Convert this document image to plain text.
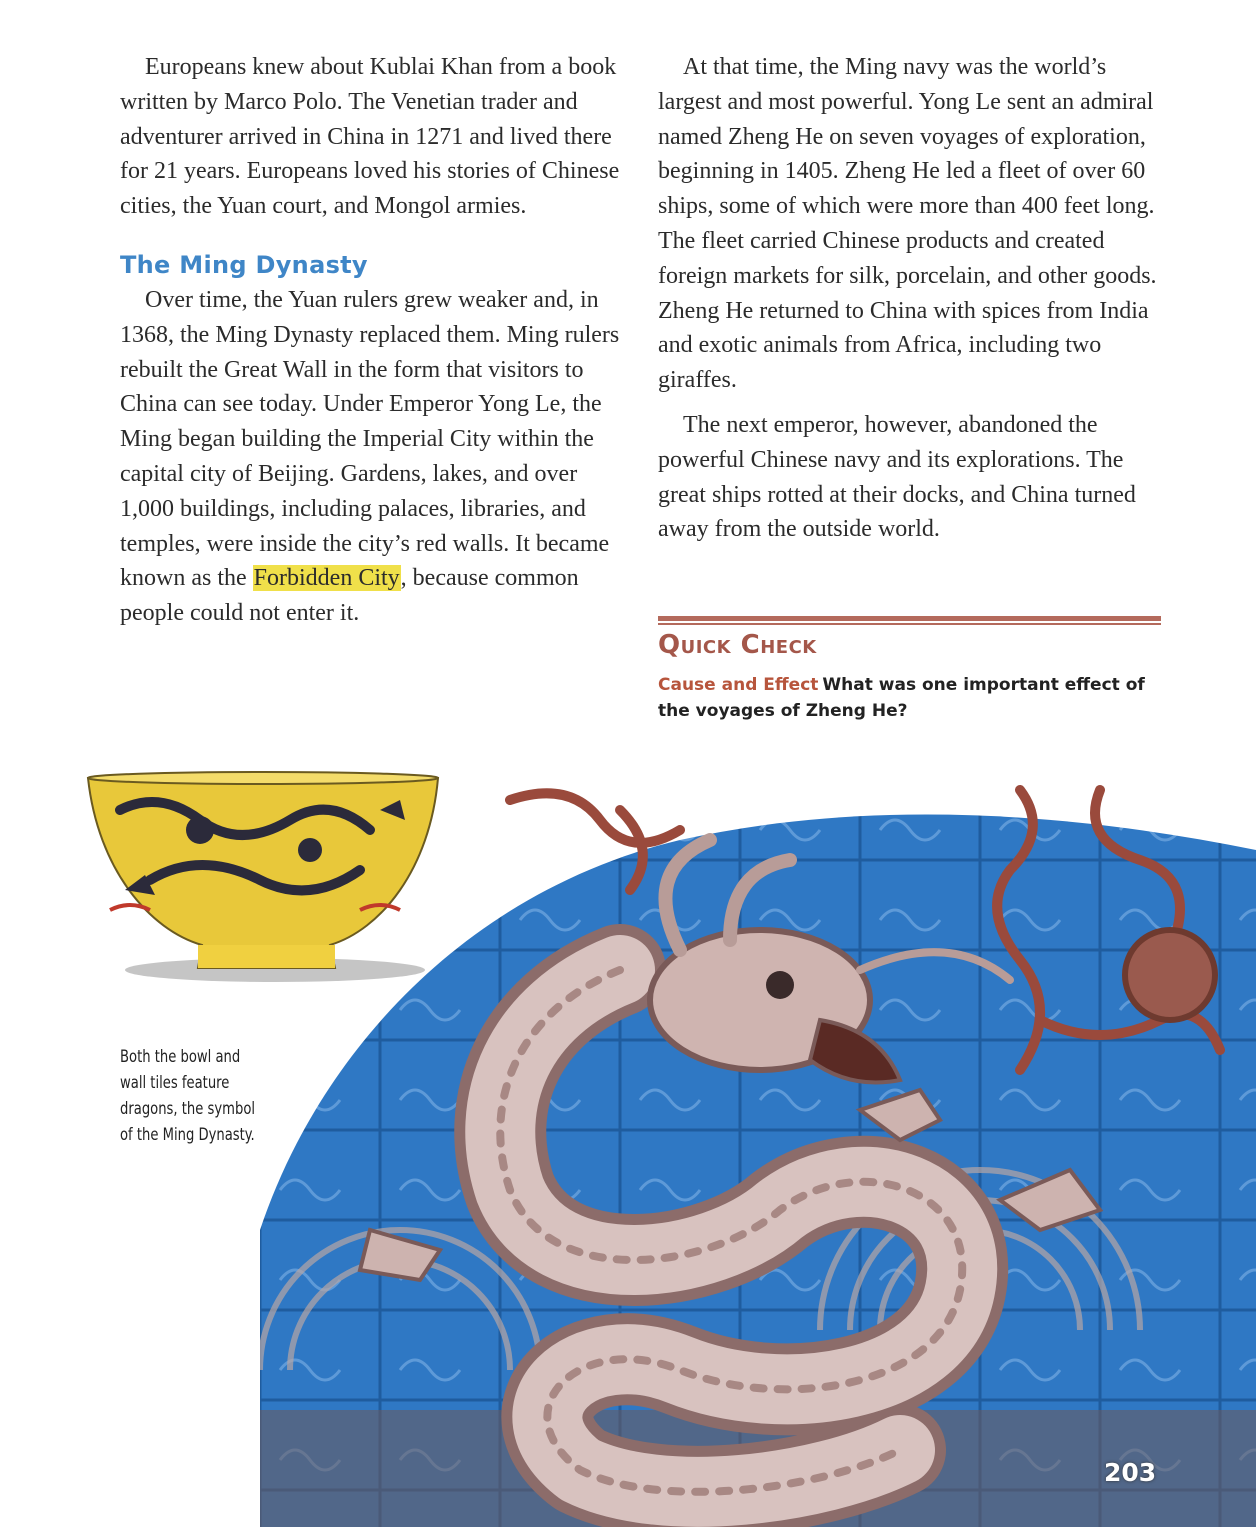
Europeans knew about Kublai Khan from a book written by Marco Polo. The Venetian trader and adventurer arrived in China in 1271 and lived there for 21 years. Europeans loved his stories of Chinese cities, the Yuan court, and Mongol armies.

The Ming Dynasty

Over time, the Yuan rulers grew weaker and, in 1368, the Ming Dynasty replaced them. Ming rulers rebuilt the Great Wall in the form that visitors to China can see today. Under Emperor Yong Le, the Ming began building the Imperial City within the capital city of Beijing. Gardens, lakes, and over 1,000 buildings, including palaces, libraries, and temples, were inside the city’s red walls. It became known as the Forbidden City, because common people could not enter it.

At that time, the Ming navy was the world’s largest and most powerful. Yong Le sent an admiral named Zheng He on seven voyages of exploration, beginning in 1405. Zheng He led a fleet of over 60 ships, some of which were more than 400 feet long. The fleet carried Chinese products and created foreign markets for silk, porcelain, and other goods. Zheng He returned to China with spices from India and exotic animals from Africa, including two giraffes.

The next emperor, however, abandoned the powerful Chinese navy and its explorations. The great ships rotted at their docks, and China turned away from the outside world.

Quick Check
Cause and Effect What was one important effect of the voyages of Zheng He?
Both the bowl and wall tiles feature dragons, the symbol of the Ming Dynasty.
203
